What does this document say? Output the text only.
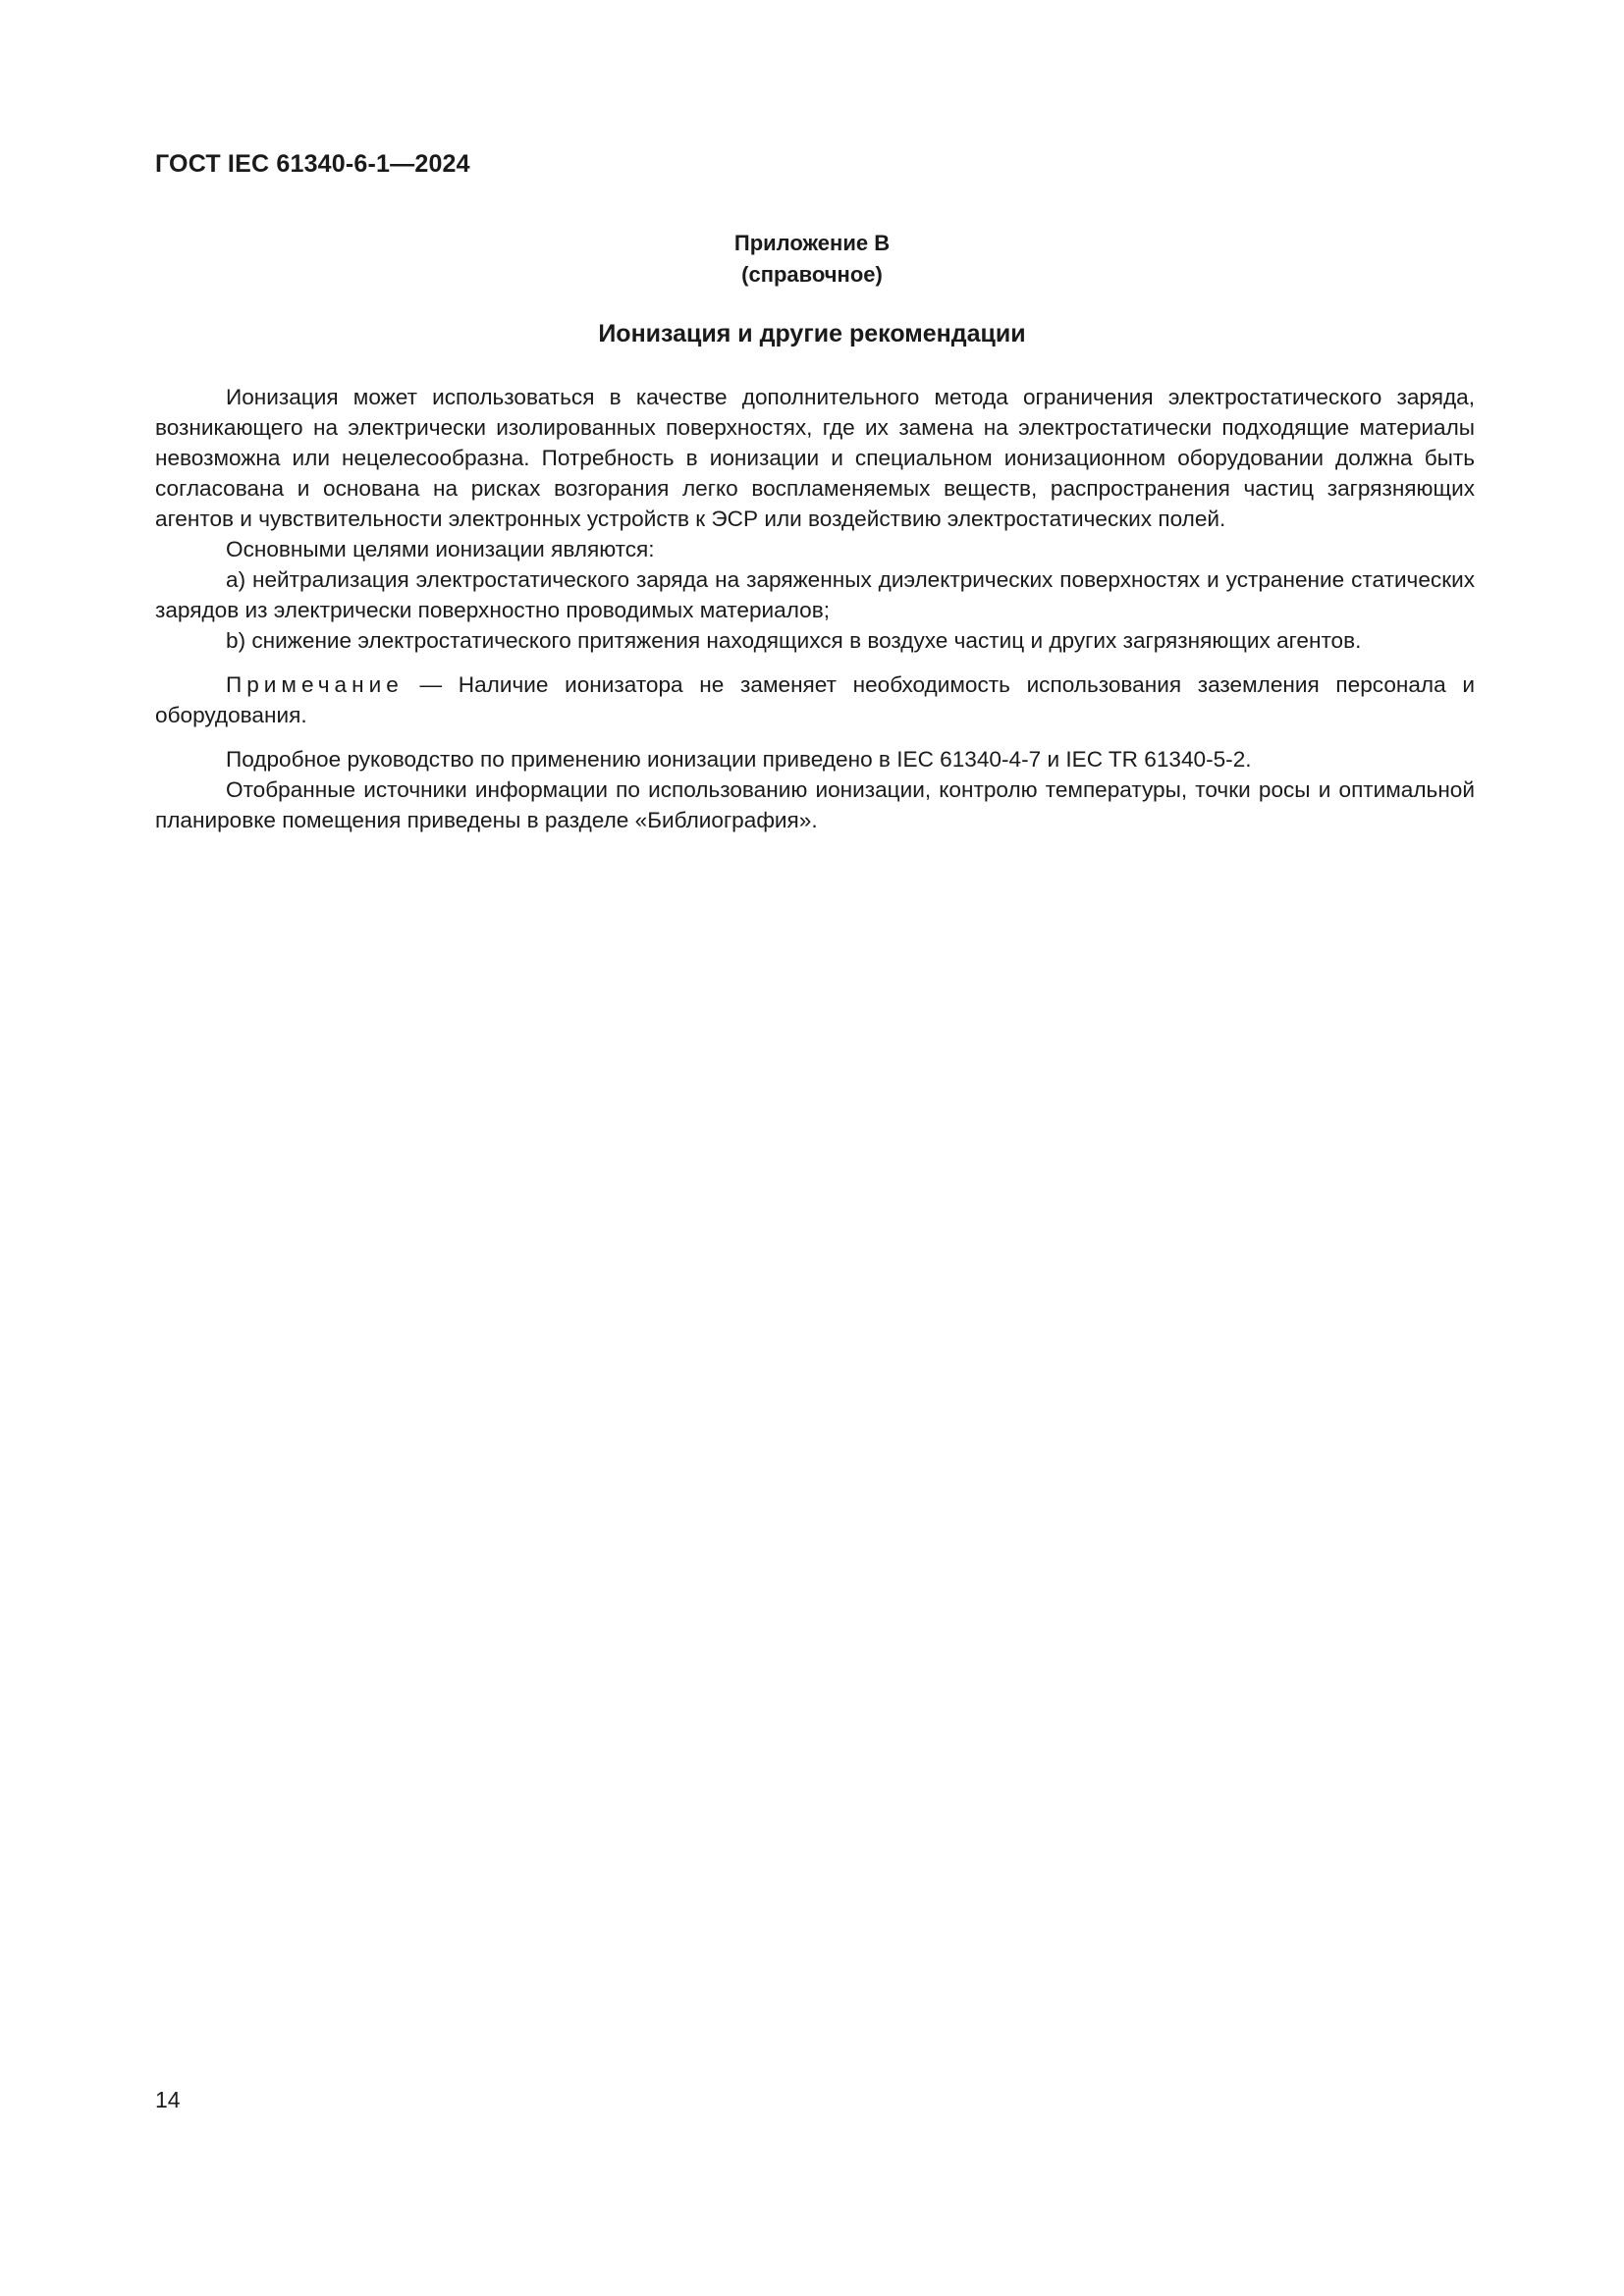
ГОСТ IEC 61340-6-1—2024
Приложение В
(справочное)
Ионизация и другие рекомендации

Ионизация может использоваться в качестве дополнительного метода ограничения электростатического заряда, возникающего на электрически изолированных поверхностях, где их замена на электростатически подходящие материалы невозможна или нецелесообразна. Потребность в ионизации и специальном ионизационном оборудовании должна быть согласована и основана на рисках возгорания легко воспламеняемых веществ, распространения частиц загрязняющих агентов и чувствительности электронных устройств к ЭСР или воздействию электростатических полей.

Основными целями ионизации являются:

а) нейтрализация электростатического заряда на заряженных диэлектрических поверхностях и устранение статических зарядов из электрически поверхностно проводимых материалов;

b) снижение электростатического притяжения находящихся в воздухе частиц и других загрязняющих агентов.

Примечание — Наличие ионизатора не заменяет необходимость использования заземления персонала и оборудования.

Подробное руководство по применению ионизации приведено в IEC 61340-4-7 и IEC TR 61340-5-2.

Отобранные источники информации по использованию ионизации, контролю температуры, точки росы и оптимальной планировке помещения приведены в разделе «Библиография».

14
